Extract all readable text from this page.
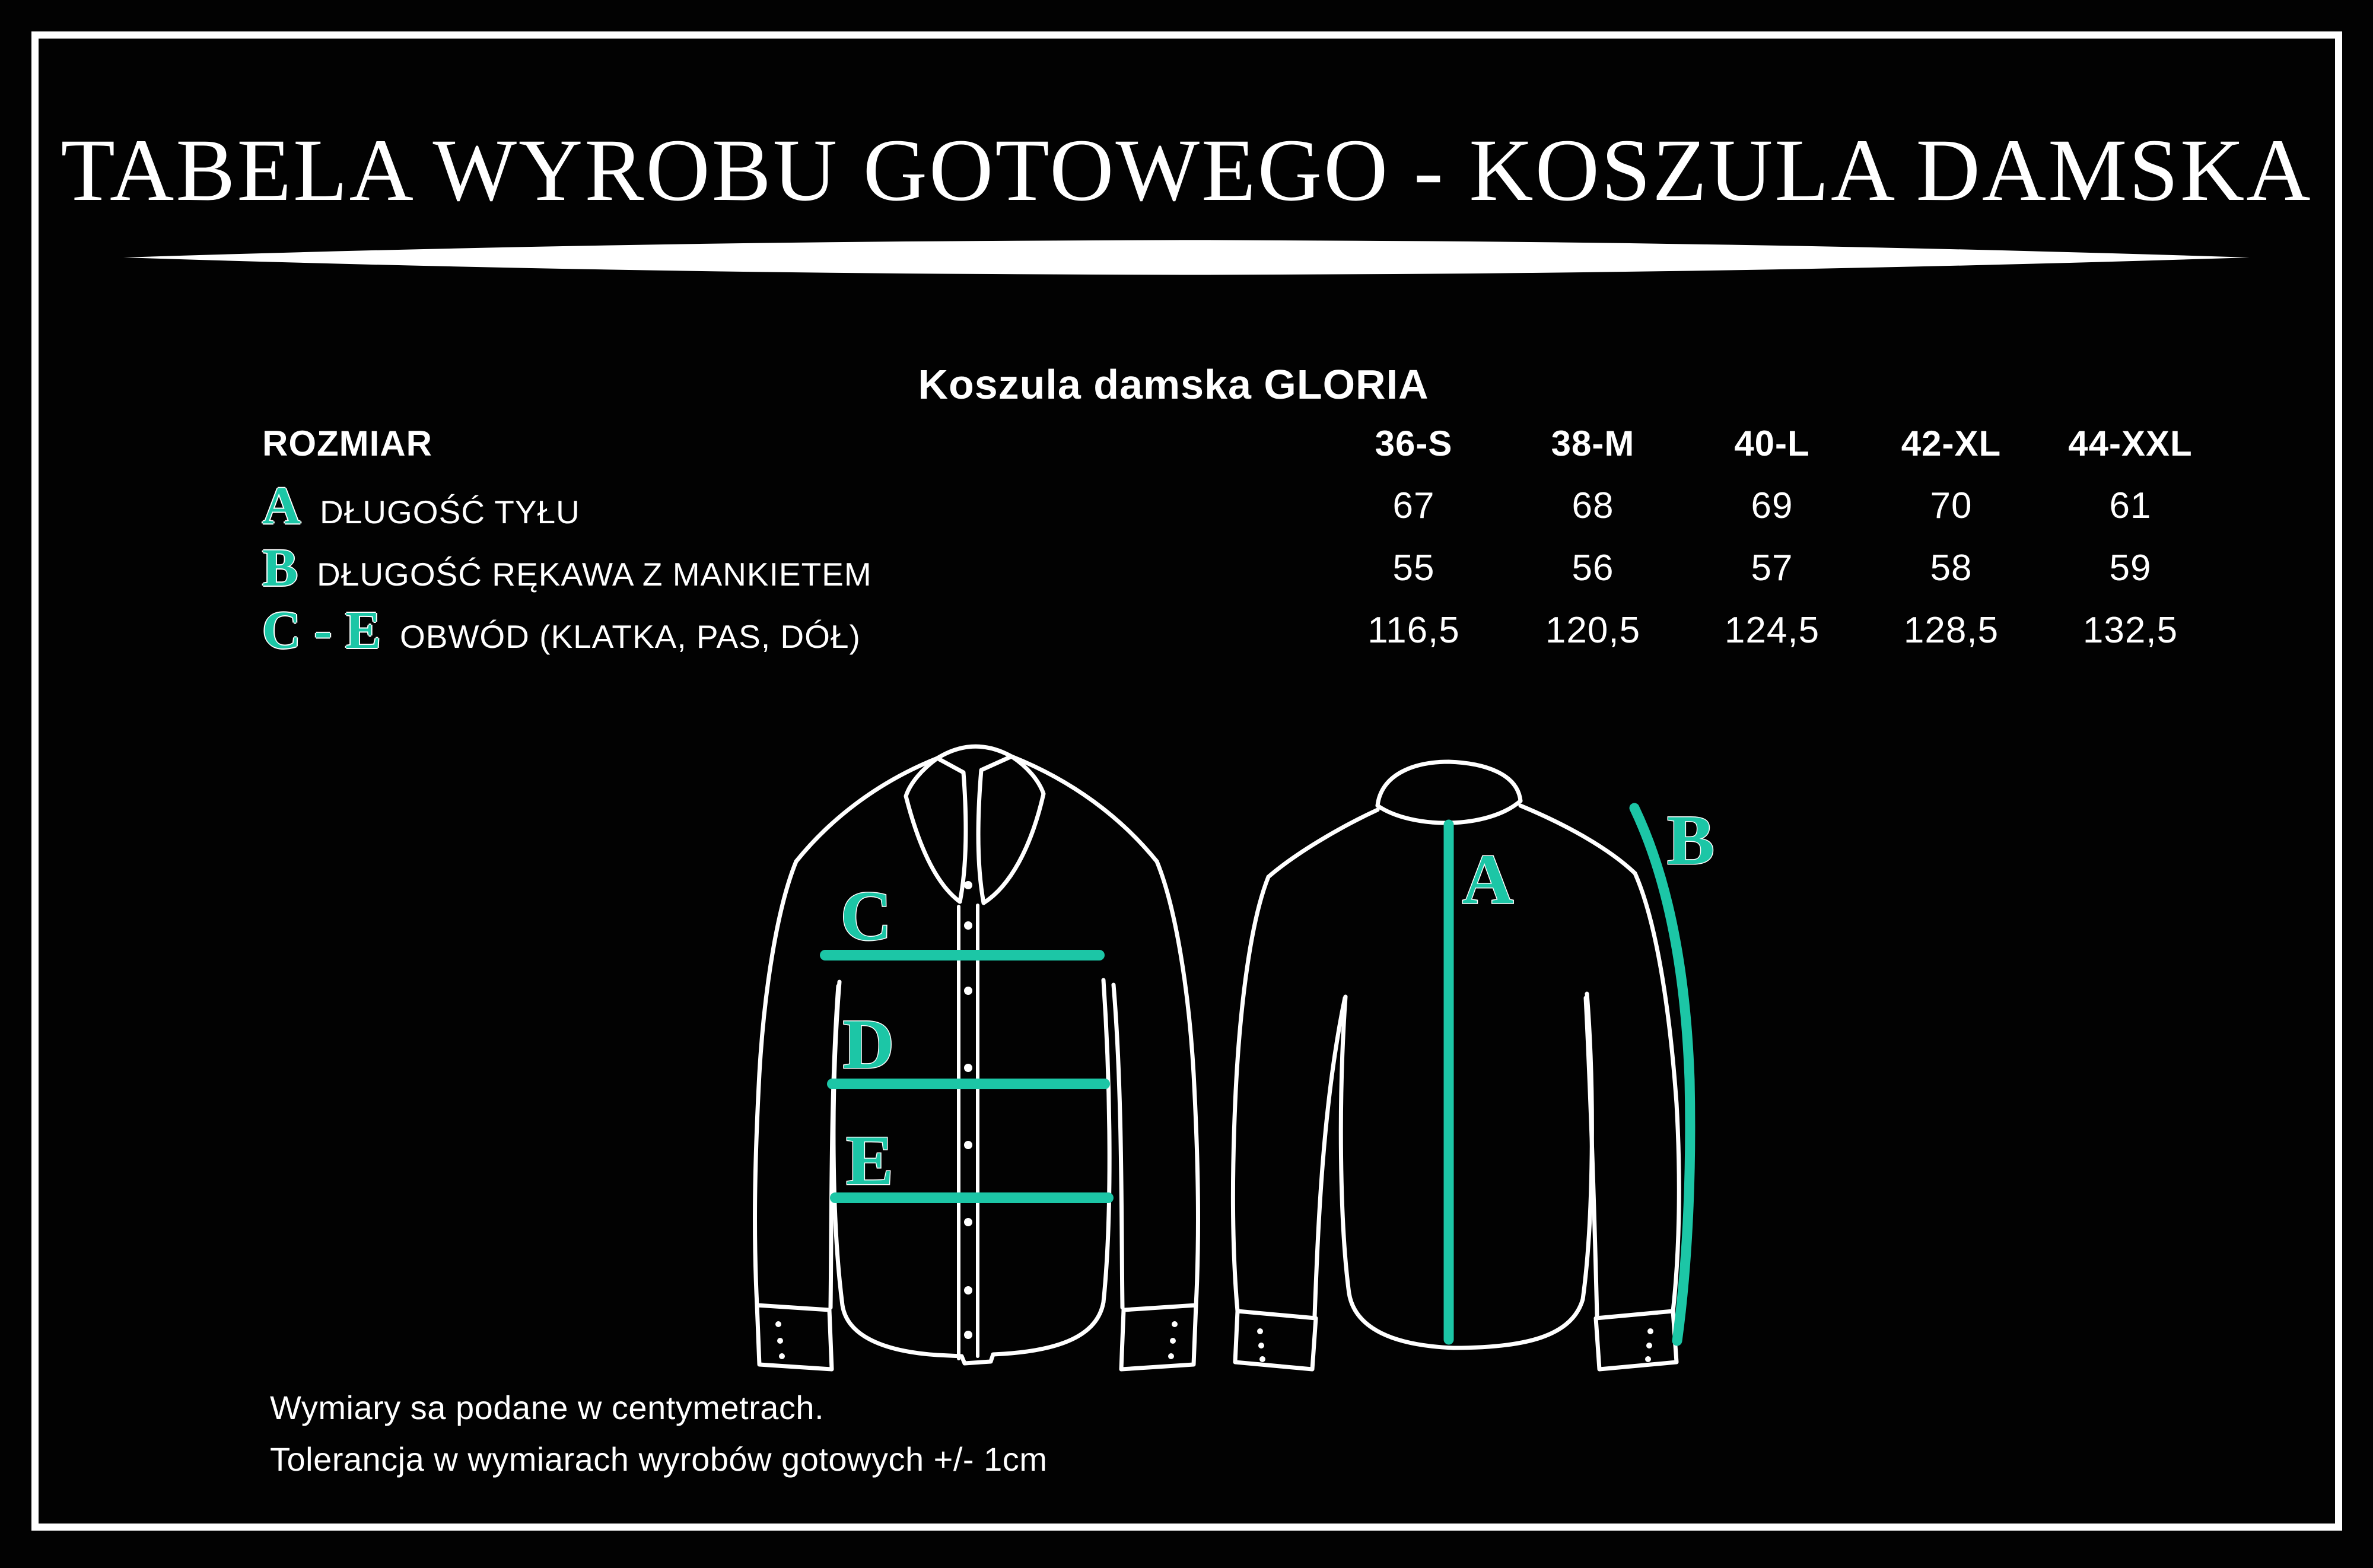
TABELA WYROBU GOTOWEGO - KOSZULA DAMSKA
Koszula damska GLORIA
ROZMIAR	36-S	38-M	40-L	42-XL	44-XXL
A DŁUGOŚĆ TYŁU	67	68	69	70	61
B DŁUGOŚĆ RĘKAWA Z MANKIETEM	55	56	57	58	59
C - E OBWÓD (KLATKA, PAS, DÓŁ)	116,5	120,5	124,5	128,5	132,5
C
D
E
A B
Wymiary sa podane w centymetrach.
Tolerancja w wymiarach wyrobów gotowych +/- 1cm
